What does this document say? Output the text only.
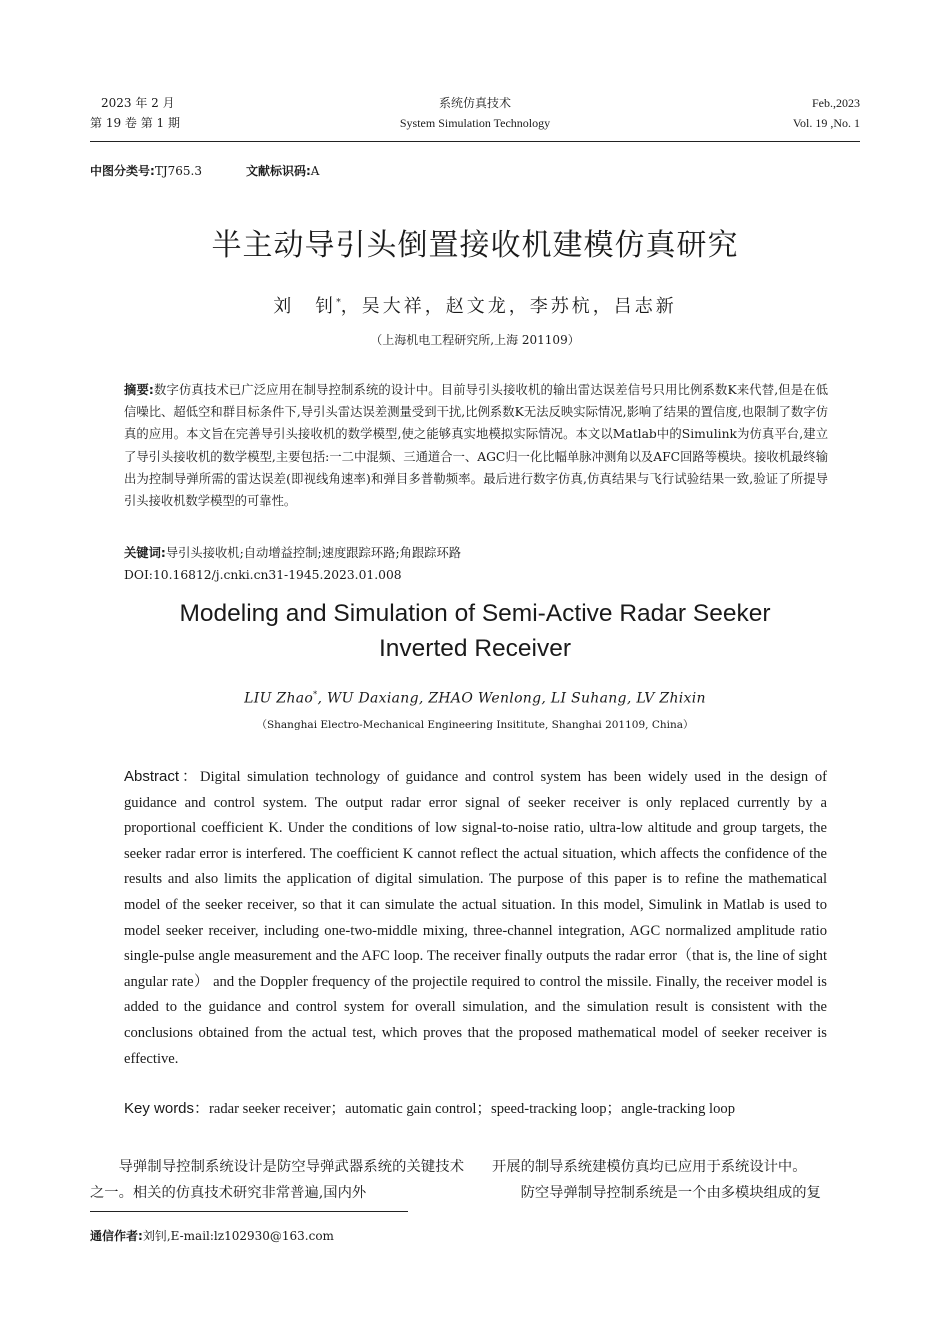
2023 年 2 月
第 19 卷 第 1 期
系统仿真技术
System Simulation Technology
Feb.,2023
Vol. 19 ,No. 1
中图分类号:TJ765.3	文献标识码:A
半主动导引头倒置接收机建模仿真研究
刘　钊*，吴大祥，赵文龙，李苏杭，吕志新
（上海机电工程研究所,上海 201109）
摘要:数字仿真技术已广泛应用在制导控制系统的设计中。目前导引头接收机的输出雷达误差信号只用比例系数K来代替,但是在低信噪比、超低空和群目标条件下,导引头雷达误差测量受到干扰,比例系数K无法反映实际情况,影响了结果的置信度,也限制了数字仿真的应用。本文旨在完善导引头接收机的数学模型,使之能够真实地模拟实际情况。本文以Matlab中的Simulink为仿真平台,建立了导引头接收机的数学模型,主要包括:一二中混频、三通道合一、AGC归一化比幅单脉冲测角以及AFC回路等模块。接收机最终输出为控制导弹所需的雷达误差(即视线角速率)和弹目多普勒频率。最后进行数字仿真,仿真结果与飞行试验结果一致,验证了所提导引头接收机数学模型的可靠性。
关键词:导引头接收机;自动增益控制;速度跟踪环路;角跟踪环路
DOI:10.16812/j.cnki.cn31-1945.2023.01.008
Modeling and Simulation of Semi-Active Radar Seeker
Inverted Receiver
LIU Zhao*, WU Daxiang, ZHAO Wenlong, LI Suhang, LV Zhixin
（Shanghai Electro-Mechanical Engineering Insititute, Shanghai 201109, China）
Abstract：Digital simulation technology of guidance and control system has been widely used in the design of guidance and control system. The output radar error signal of seeker receiver is only replaced currently by a proportional coefficient K. Under the conditions of low signal-to-noise ratio, ultra-low altitude and group targets, the seeker radar error is interfered. The coefficient K cannot reflect the actual situation, which affects the confidence of the results and also limits the application of digital simulation. The purpose of this paper is to refine the mathematical model of the seeker receiver, so that it can simulate the actual situation. In this model, Simulink in Matlab is used to model seeker receiver, including one-two-middle mixing, three-channel integration, AGC normalized amplitude ratio single-pulse angle measurement and the AFC loop. The receiver finally outputs the radar error（that is, the line of sight angular rate） and the Doppler frequency of the projectile required to control the missile. Finally, the receiver model is added to the guidance and control system for overall simulation, and the simulation result is consistent with the conclusions obtained from the actual test, which proves that the proposed mathematical model of seeker receiver is effective.
Key words：radar seeker receiver；automatic gain control；speed-tracking loop；angle-tracking loop
导弹制导控制系统设计是防空导弹武器系统的关键技术之一。相关的仿真技术研究非常普遍,国内外

开展的制导系统建模仿真均已应用于系统设计中。

防空导弹制导控制系统是一个由多模块组成的复

通信作者:刘钊,E-mail:lz102930@163.com
